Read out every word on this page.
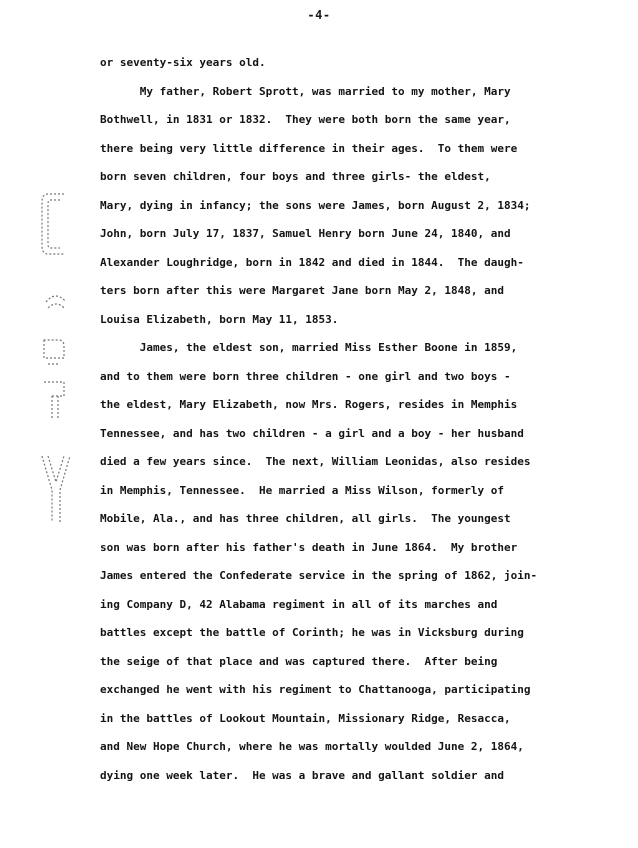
-4-
or seventy-six years old.
My father, Robert Sprott, was married to my mother, Mary
Bothwell, in 1831 or 1832.  They were both born the same year,
there being very little difference in their ages.  To them were
born seven children, four boys and three girls- the eldest,
Mary, dying in infancy; the sons were James, born August 2, 1834;
John, born July 17, 1837, Samuel Henry born June 24, 1840, and
Alexander Loughridge, born in 1842 and died in 1844.  The daugh-
ters born after this were Margaret Jane born May 2, 1848, and
Louisa Elizabeth, born May 11, 1853.
James, the eldest son, married Miss Esther Boone in 1859,
and to them were born three children - one girl and two boys -
the eldest, Mary Elizabeth, now Mrs. Rogers, resides in Memphis
Tennessee, and has two children - a girl and a boy - her husband
died a few years since.  The next, William Leonidas, also resides
in Memphis, Tennessee.  He married a Miss Wilson, formerly of
Mobile, Ala., and has three children, all girls.  The youngest
son was born after his father's death in June 1864.  My brother
James entered the Confederate service in the spring of 1862, join-
ing Company D, 42 Alabama regiment in all of its marches and
battles except the battle of Corinth; he was in Vicksburg during
the seige of that place and was captured there.  After being
exchanged he went with his regiment to Chattanooga, participating
in the battles of Lookout Mountain, Missionary Ridge, Resacca,
and New Hope Church, where he was mortally woulded June 2, 1864,
dying one week later.  He was a brave and gallant soldier and
